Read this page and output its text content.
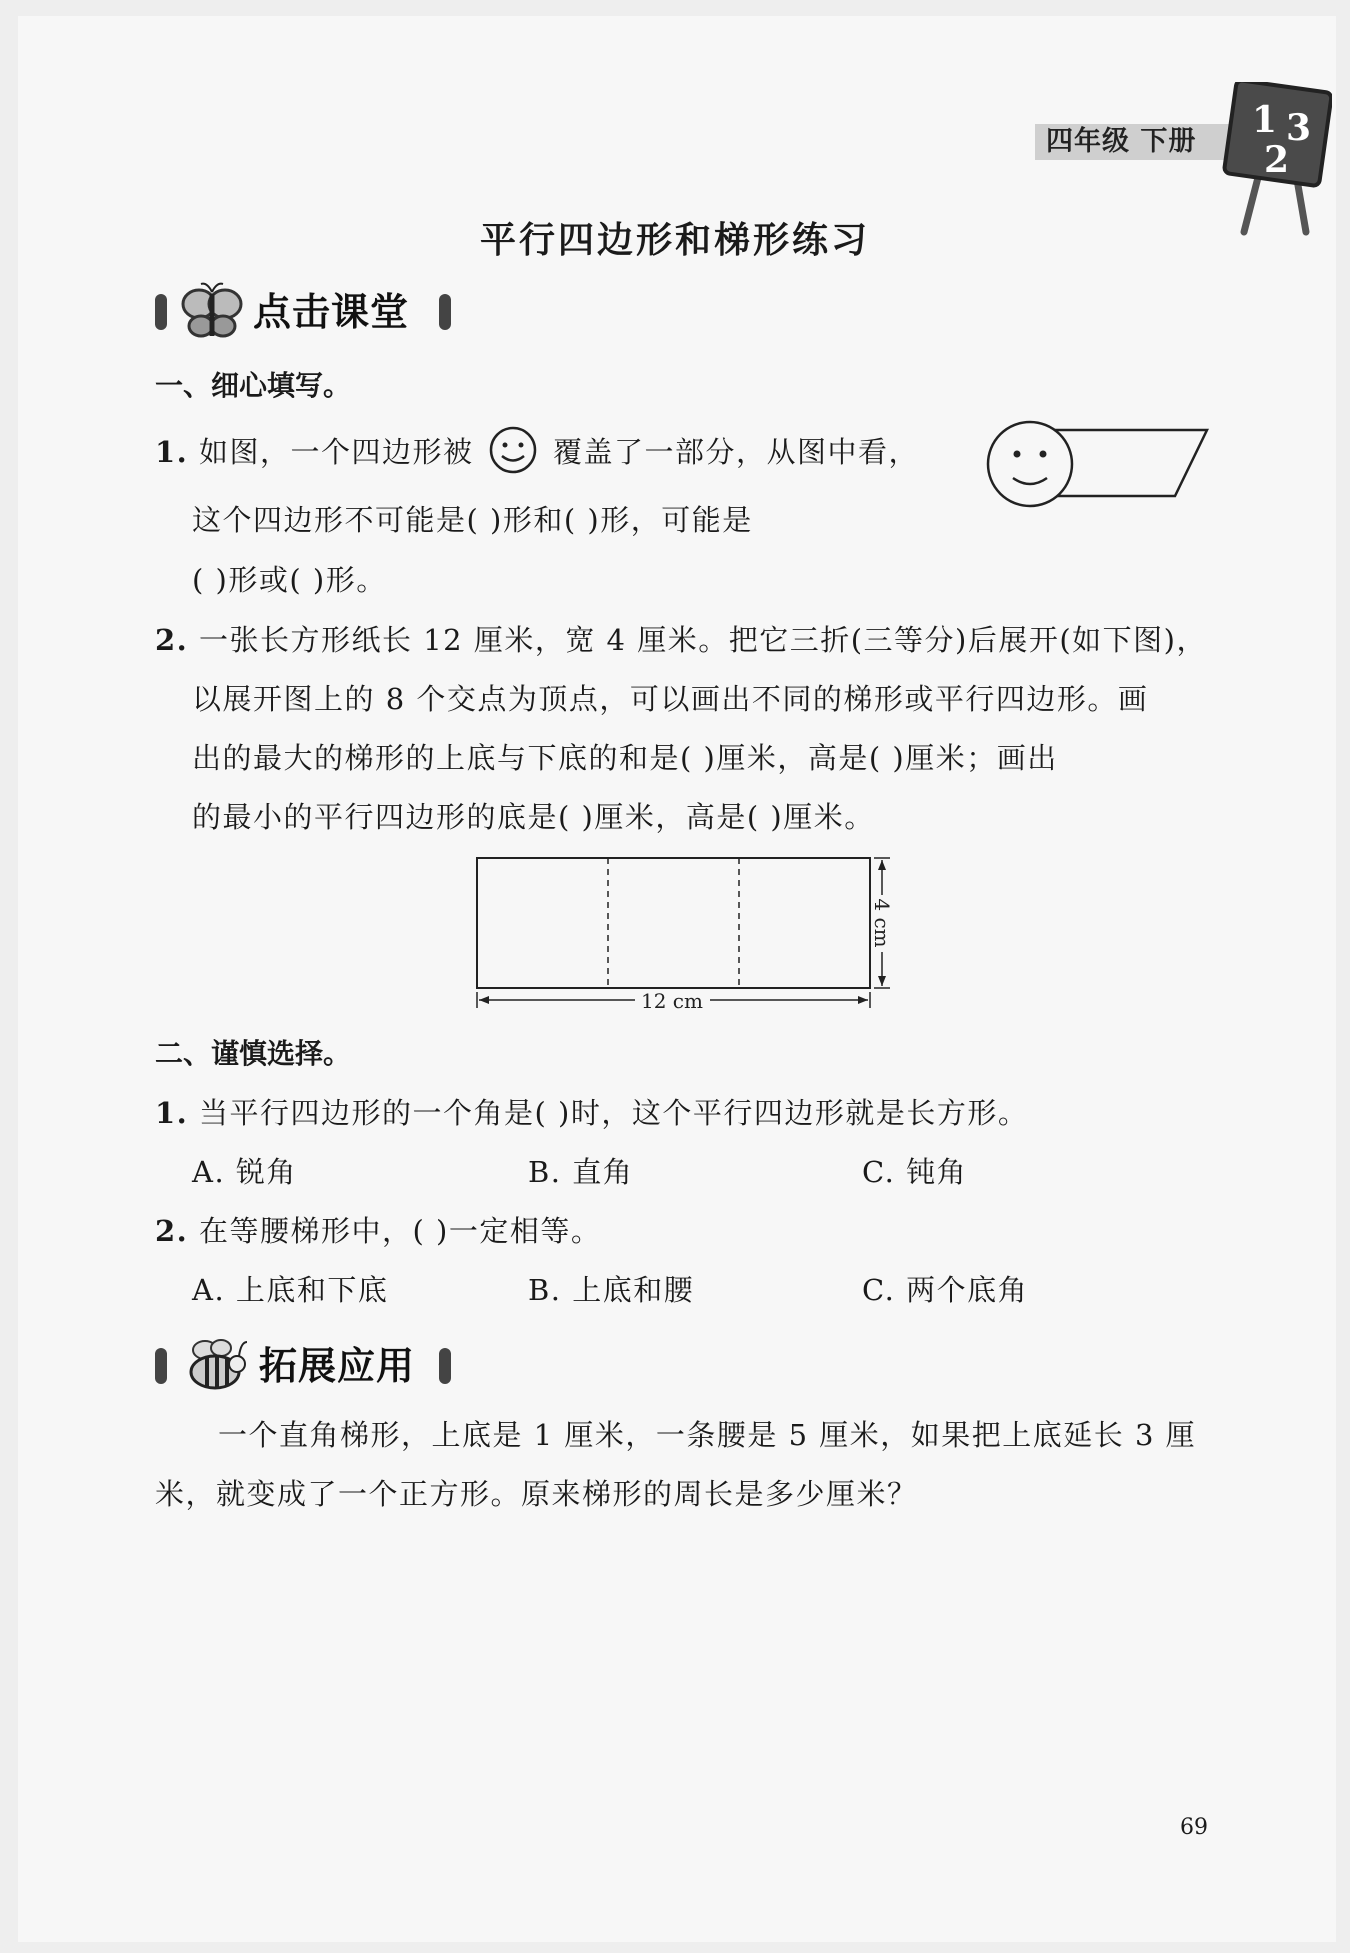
四年级 下册
1 3
2
平行四边形和梯形练习
点击课堂
一、细心填写。
1. 如图，一个四边形被	覆盖了一部分，从图中看，
这个四边形不可能是( )形和( )形，可能是
( )形或( )形。
2. 一张长方形纸长 12 厘米，宽 4 厘米。把它三折(三等分)后展开(如下图)，
以展开图上的 8 个交点为顶点，可以画出不同的梯形或平行四边形。画
出的最大的梯形的上底与下底的和是( )厘米，高是( )厘米；画出
的最小的平行四边形的底是( )厘米，高是( )厘米。
12 cm
4 cm
二、谨慎选择。
1. 当平行四边形的一个角是( )时，这个平行四边形就是长方形。
A. 锐角	B. 直角	C. 钝角
2. 在等腰梯形中，( )一定相等。
A. 上底和下底	B. 上底和腰	C. 两个底角
拓展应用
一个直角梯形，上底是 1 厘米，一条腰是 5 厘米，如果把上底延长 3 厘
米，就变成了一个正方形。原来梯形的周长是多少厘米？
69
